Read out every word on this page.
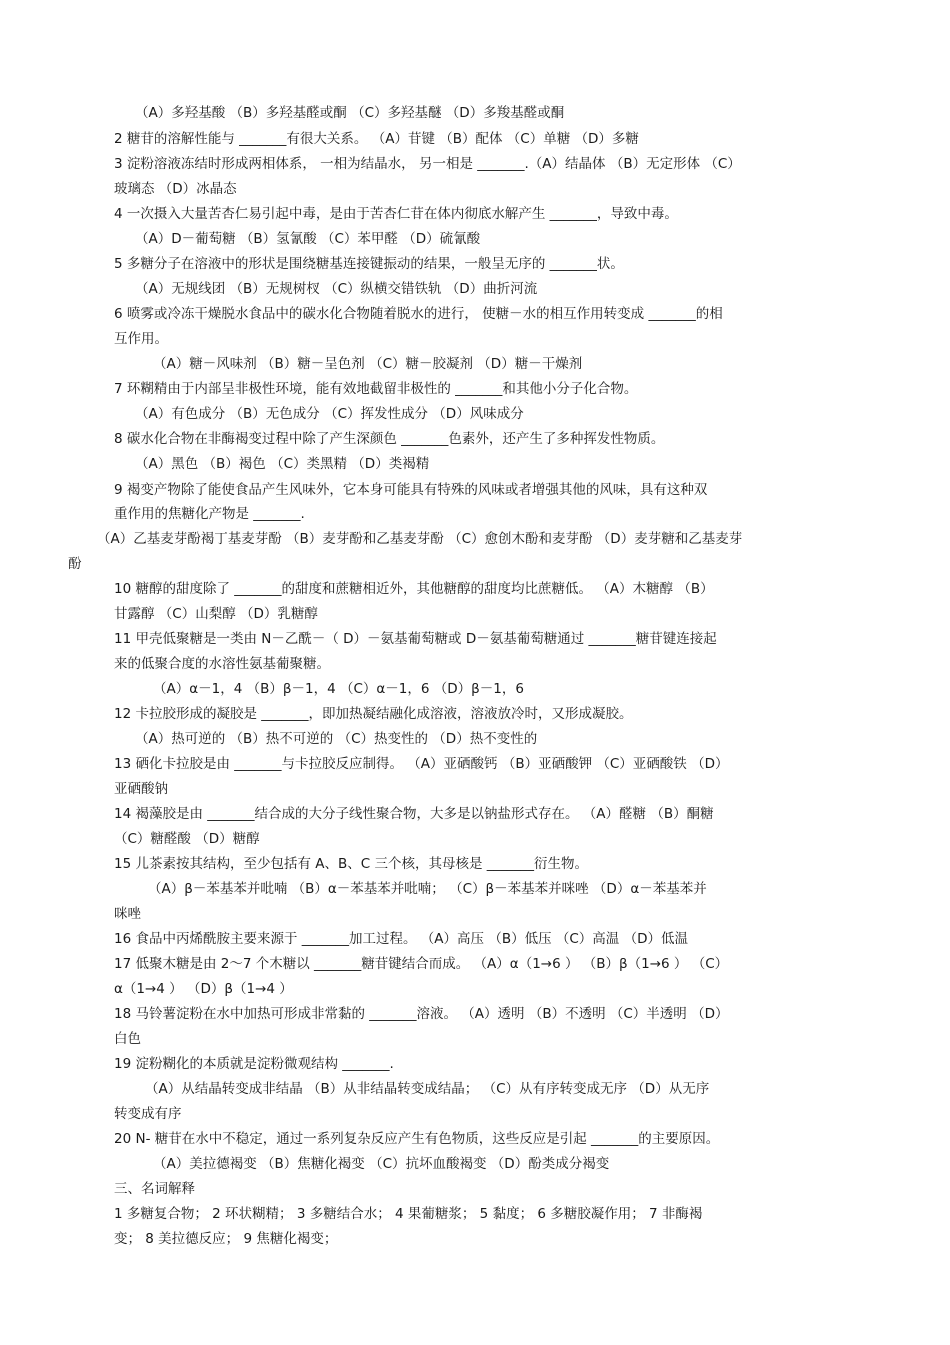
（A）多羟基酸 （B）多羟基醛或酮 （C）多羟基醚 （D）多羧基醛或酮
2 糖苷的溶解性能与 _______有很大关系。 （A）苷键 （B）配体 （C）单糖 （D）多糖
3 淀粉溶液冻结时形成两相体系， 一相为结晶水， 另一相是 _______.（A）结晶体 （B）无定形体 （C）
玻璃态 （D）冰晶态
4 一次摄入大量苦杏仁易引起中毒，是由于苦杏仁苷在体内彻底水解产生 _______，导致中毒。
（A）D－葡萄糖 （B）氢氰酸 （C）苯甲醛 （D）硫氰酸
5 多糖分子在溶液中的形状是围绕糖基连接键振动的结果，一般呈无序的 _______状。
（A）无规线团 （B）无规树杈 （C）纵横交错铁轨 （D）曲折河流
6 喷雾或冷冻干燥脱水食品中的碳水化合物随着脱水的进行， 使糖－水的相互作用转变成 _______的相
互作用。
（A）糖－风味剂 （B）糖－呈色剂 （C）糖－胶凝剂 （D）糖－干燥剂
7 环糊精由于内部呈非极性环境，能有效地截留非极性的 _______和其他小分子化合物。
（A）有色成分 （B）无色成分 （C）挥发性成分 （D）风味成分
8 碳水化合物在非酶褐变过程中除了产生深颜色 _______色素外，还产生了多种挥发性物质。
（A）黑色 （B）褐色 （C）类黑精 （D）类褐精
9 褐变产物除了能使食品产生风味外，它本身可能具有特殊的风味或者增强其他的风味，具有这种双
重作用的焦糖化产物是 _______.
（A）乙基麦芽酚褐丁基麦芽酚 （B）麦芽酚和乙基麦芽酚 （C）愈创木酚和麦芽酚 （D）麦芽糖和乙基麦芽
酚
10 糖醇的甜度除了 _______的甜度和蔗糖相近外，其他糖醇的甜度均比蔗糖低。 （A）木糖醇 （B）
甘露醇 （C）山梨醇 （D）乳糖醇
11 甲壳低聚糖是一类由 N－乙酰－（ D）－氨基葡萄糖或 D－氨基葡萄糖通过 _______糖苷键连接起
来的低聚合度的水溶性氨基葡聚糖。
（A）α－1，4 （B）β－1，4 （C）α－1，6 （D）β－1，6
12 卡拉胶形成的凝胶是 _______，即加热凝结融化成溶液，溶液放冷时，又形成凝胶。
（A）热可逆的 （B）热不可逆的 （C）热变性的 （D）热不变性的
13 硒化卡拉胶是由 _______与卡拉胶反应制得。 （A）亚硒酸钙 （B）亚硒酸钾 （C）亚硒酸铁 （D）
亚硒酸钠
14 褐藻胶是由 _______结合成的大分子线性聚合物，大多是以钠盐形式存在。 （A）醛糖 （B）酮糖
（C）糖醛酸 （D）糖醇
15 儿茶素按其结构，至少包括有 A、B、C 三个核，其母核是 _______衍生物。
（A）β－苯基苯并吡喃 （B）α－苯基苯并吡喃； （C）β－苯基苯并咪唑 （D）α－苯基苯并
咪唑
16 食品中丙烯酰胺主要来源于 _______加工过程。 （A）高压 （B）低压 （C）高温 （D）低温
17 低聚木糖是由 2～7 个木糖以 _______糖苷键结合而成。 （A）α（1→6 ） （B）β（1→6 ） （C）
α（1→4 ） （D）β（1→4 ）
18 马铃薯淀粉在水中加热可形成非常黏的 _______溶液。 （A）透明 （B）不透明 （C）半透明 （D）
白色
19 淀粉糊化的本质就是淀粉微观结构 _______.
（A）从结晶转变成非结晶 （B）从非结晶转变成结晶； （C）从有序转变成无序 （D）从无序
转变成有序
20 N- 糖苷在水中不稳定，通过一系列复杂反应产生有色物质，这些反应是引起 _______的主要原因。
（A）美拉德褐变 （B）焦糖化褐变 （C）抗坏血酸褐变 （D）酚类成分褐变
三、名词解释
1 多糖复合物； 2 环状糊精； 3 多糖结合水； 4 果葡糖浆； 5 黏度； 6 多糖胶凝作用； 7 非酶褐
变； 8 美拉德反应； 9 焦糖化褐变；
